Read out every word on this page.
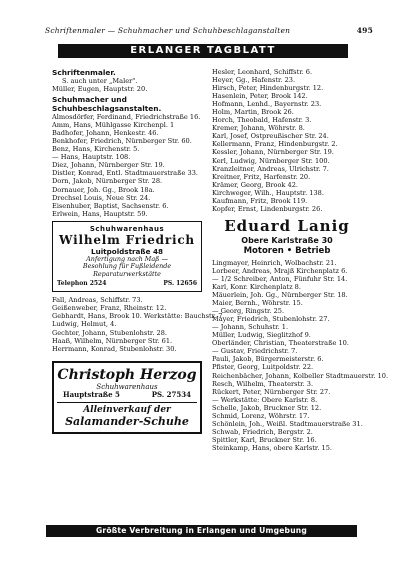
Schriftenmaler — Schuhmacher und Schuhbeschlaganstalten	495
ERLANGER TAGBLATT
Schriftenmaler.
S. auch unter „Maler".
Müller, Eugen, Hauptstr. 20.
Schuhmacher und Schuhbeschlagsanstalten.
Almosdörfer, Ferdinand, Friedrichstraße 16.
Amm, Hans, Mühlgasse Kirchenpl. 1
Badhofer, Johann, Henkestr. 46.
Benkhofer, Friedrich, Nürnberger Str. 60.
Benz, Hans, Kirchenstr. 5.
— Hans, Hauptstr. 108.
Diez, Johann, Nürnberger Str. 19.
Distler, Konrad, Entl. Stadtmauerstraße 33.
Dorn, Jakob, Nürnberger Str. 28.
Dornauer, Joh. Gg., Brook 18a.
Drechsel Louis, Neue Str. 24.
Eisenhuber, Baptist, Sachsenstr. 6.
Erlwein, Hans, Hauptstr. 59.
Schuhwarenhaus
Wilhelm Friedrich
Luitpoldstraße 48
Anfertigung nach Maß —
Besohlung für Fußleidende
Reparaturwerkstätte
Telephon 2524	PS. 12656
Fall, Andreas, Schiffstr. 73.
Geißenweber, Franz, Rheinstr. 12.
Gebhardt, Hans, Brook 10. Werkstätte: Bauchstr. 7
Ludwig, Helmut, 4.
Gechter, Johann, Stubenlohstr. 28.
Haaß, Wilhelm, Nürnberger Str. 61.
Herrmann, Konrad, Stubenlohstr. 30.
Christoph Herzog
Schuhwarenhaus
Hauptstraße 5	PS. 27534
Alleinverkauf der
Salamander-Schuhe
Hesler, Leonhard, Schiffstr. 6.
Heyer, Gg., Hafenstr. 23.
Hirsch, Peter, Hindenburgstr. 12.
Hasenlein, Peter, Brook 142.
Hofmann, Lenhd., Bayernstr. 23.
Holm, Martin, Brook 26.
Horch, Theobald, Hafenstr. 3.
Kremer, Johann, Wöhrstr. 8.
Karl, Josef, Ostpreußischer Str. 24.
Kellermann, Franz, Hindenburgstr. 2.
Kessler, Johann, Nürnberger Str. 19.
Kerl, Ludwig, Nürnberger Str. 100.
Kranzleitner, Andreas, Ulrichstr. 7.
Kreitner, Fritz, Harfenstr. 20.
Krämer, Georg, Brook 42.
Kirchweger, Wilh., Hauptstr. 138.
Kaufmann, Fritz, Brook 119.
Kopfer, Ernst, Lindenburgstr. 26.
Eduard Lanig
Obere Karlstraße 30
Motoren • Betrieb
Lingmayer, Heinrich, Wolbachstr. 21.
Lorbeer, Andreas, Mrajß Kirchenplatz 6.
— 1/2 Schreiber, Anton, Fünfuhr Str. 14.
Karl, Konr. Kirchenplatz 8.
Mäuerlein, Joh. Gg., Nürnberger Str. 18.
Maier, Bernh., Wöhrstr. 15.
— Georg, Ringstr. 25.
Mayer, Friedrich, Stubenlohstr. 27.
— Johann, Schuhstr. 1.
Müller, Ludwig, Sieglitzhof 9.
Oberländer, Christian, Theaterstraße 10.
— Gustav, Friedrichstr. 7.
Pauli, Jakob, Bürgermeisterstr. 6.
Pfister, Georg, Luitpoldstr. 22.
Reichenbächer, Johann, Kolbeller Stadtmauerstr. 10.
Resch, Wilhelm, Theaterstr. 3.
Rückert, Peter, Nürnberger Str. 27.
— Werkstätte: Obere Karlstr. 8.
Schelle, Jakob, Bruckner Str. 12.
Schmid, Lorenz, Wöhrstr. 17.
Schönlein, Joh., Weißl. Stadtmauerstraße 31.
Schwab, Friedrich, Bergstr. 2.
Spittler, Karl, Bruckner Str. 16.
Steinkamp, Hans, obere Karlstr. 15.
Größte Verbreitung in Erlangen und Umgebung
